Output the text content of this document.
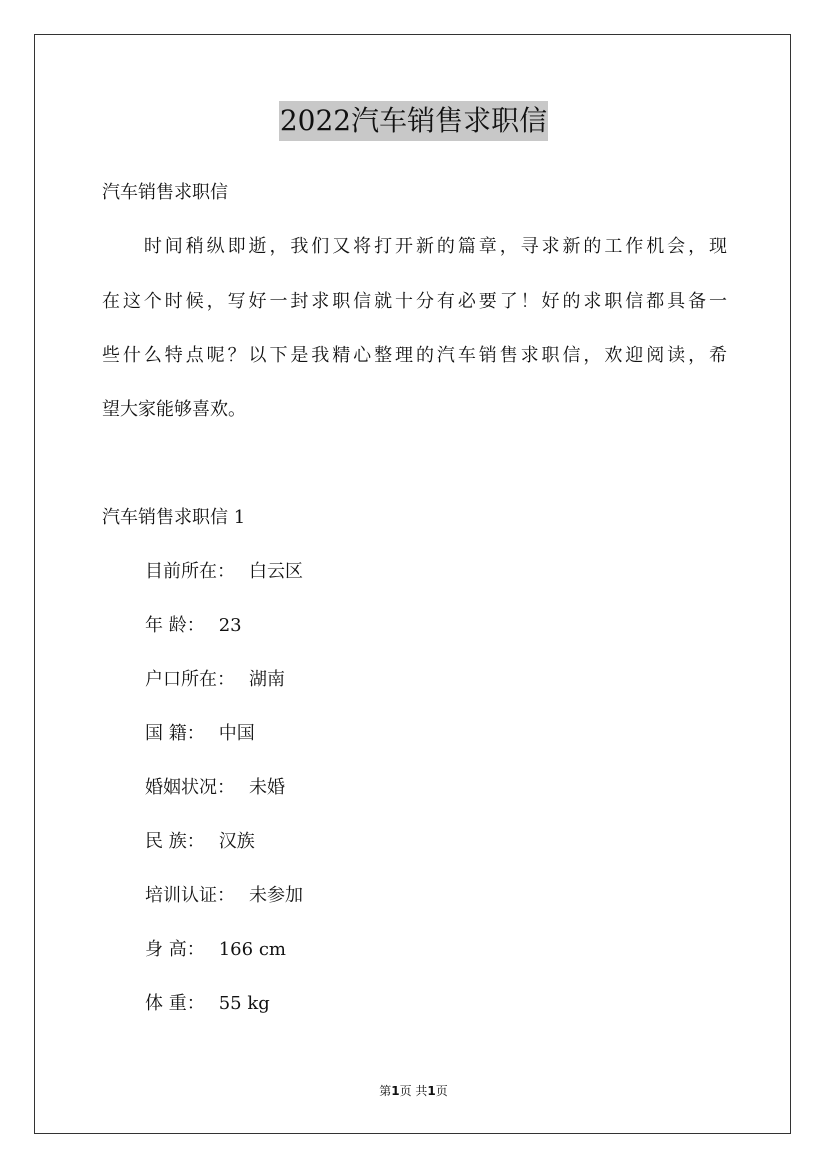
2022汽车销售求职信
汽车销售求职信
　　时间稍纵即逝，我们又将打开新的篇章，寻求新的工作机会，现
在这个时候，写好一封求职信就十分有必要了！好的求职信都具备一
些什么特点呢？以下是我精心整理的汽车销售求职信，欢迎阅读，希
望大家能够喜欢。
汽车销售求职信 1
目前所在： 白云区
年 龄： 23
户口所在： 湖南
国 籍： 中国
婚姻状况： 未婚
民 族： 汉族
培训认证： 未参加
身 高： 166 cm
体 重： 55 kg
第1页 共1页
